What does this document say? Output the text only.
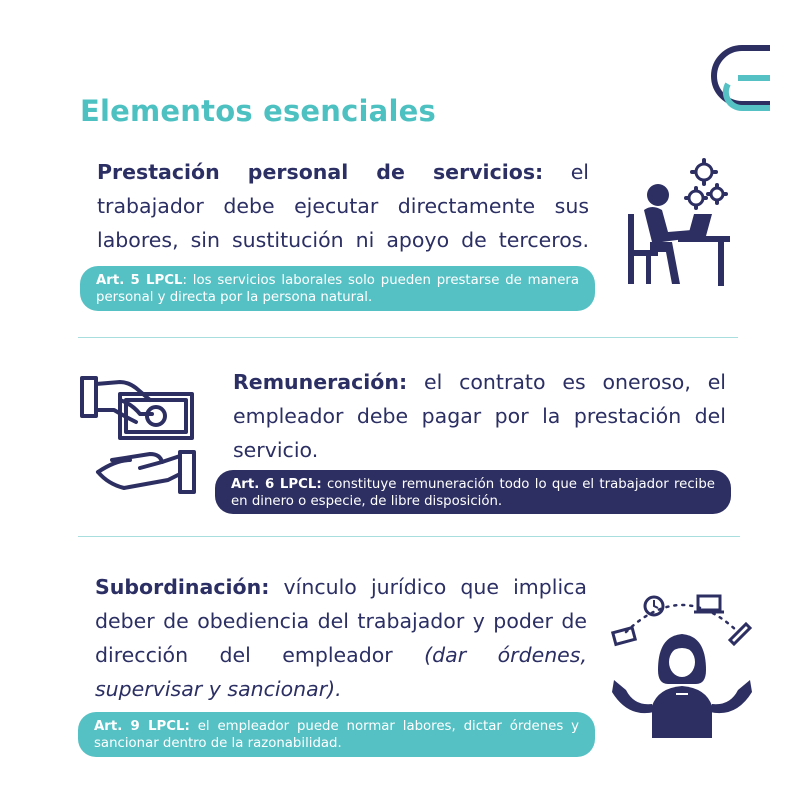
Elementos esenciales
Prestación personal de servicios: el trabajador debe ejecutar directamente sus labores, sin sustitución ni apoyo de terceros.
Art. 5 LPCL: los servicios laborales solo pueden prestarse de manera personal y directa por la persona natural.
Remuneración: el contrato es oneroso, el empleador debe pagar por la prestación del servicio.
Art. 6 LPCL: constituye remuneración todo lo que el trabajador recibe en dinero o especie, de libre disposición.
Subordinación: vínculo jurídico que implica deber de obediencia del trabajador y poder de dirección del empleador (dar órdenes, supervisar y sancionar).
Art. 9 LPCL: el empleador puede normar labores, dictar órdenes y sancionar dentro de la razonabilidad.
